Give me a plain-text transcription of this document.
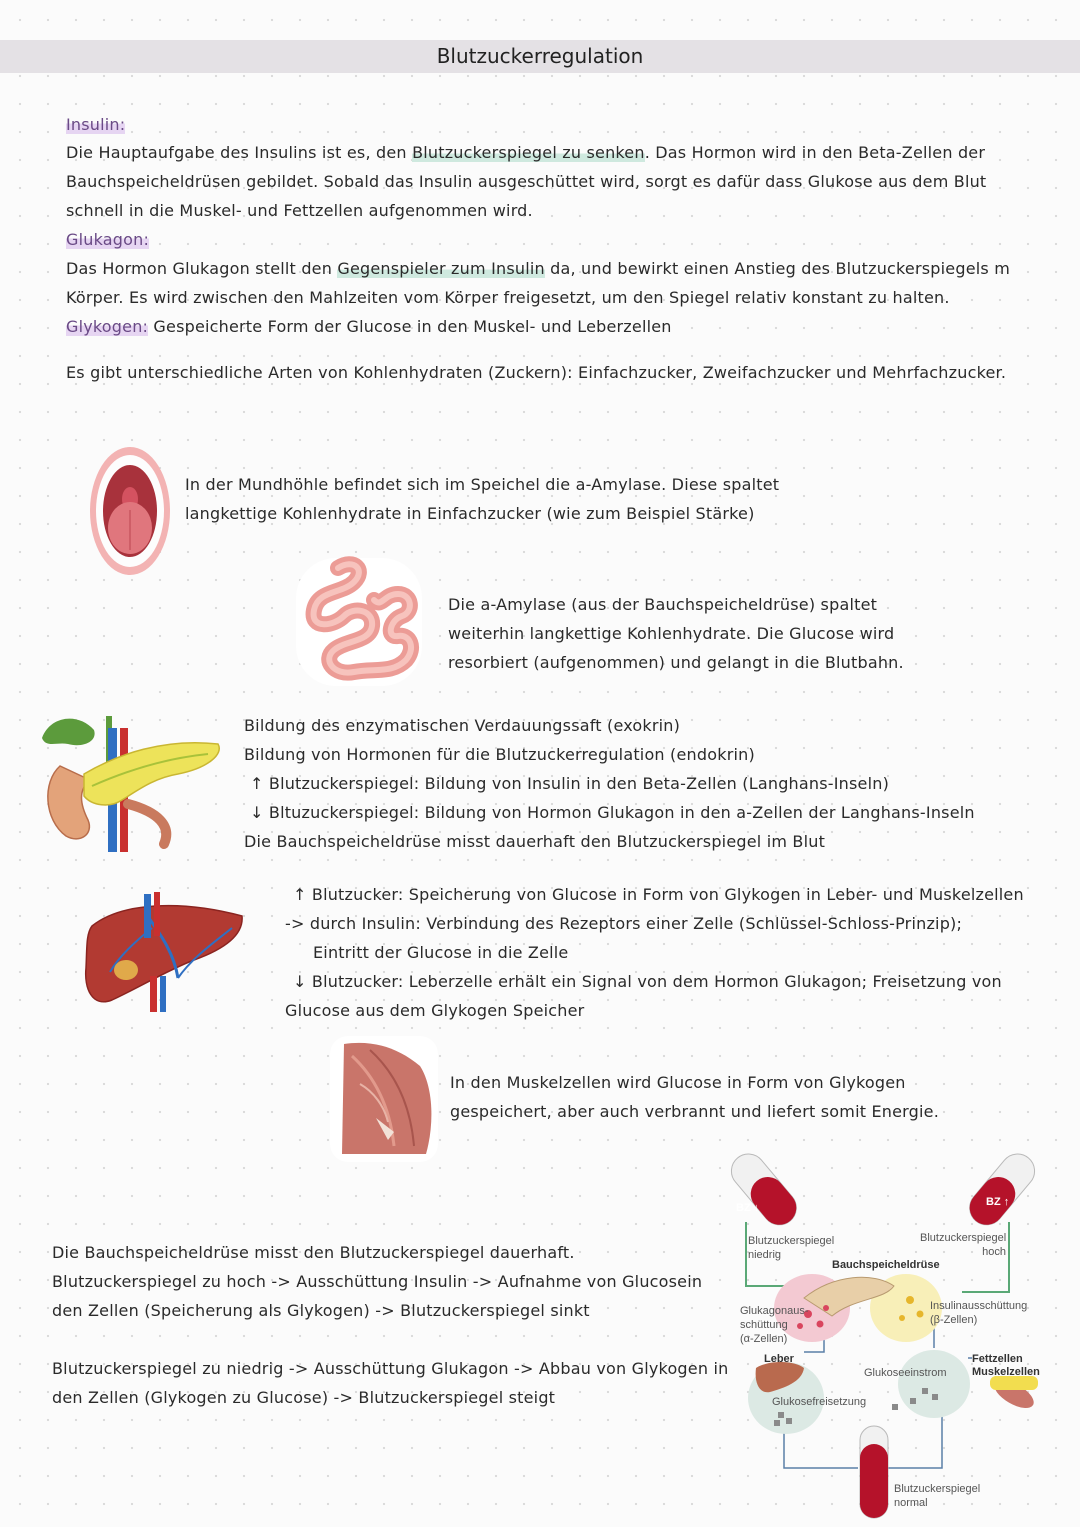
Blutzuckerregulation
Insulin:
Die Hauptaufgabe des Insulins ist es, den Blutzuckerspiegel zu senken. Das Hormon wird in den Beta-Zellen der
Bauchspeicheldrüsen gebildet. Sobald das Insulin ausgeschüttet wird, sorgt es dafür dass Glukose aus dem Blut
schnell in die Muskel- und Fettzellen aufgenommen wird.
Glukagon:
Das Hormon Glukagon stellt den Gegenspieler zum Insulin da, und bewirkt einen Anstieg des Blutzuckerspiegels m
Körper. Es wird zwischen den Mahlzeiten vom Körper freigesetzt, um den Spiegel relativ konstant zu halten.
Glykogen: Gespeicherte Form der Glucose in den Muskel- und Leberzellen
Es gibt unterschiedliche Arten von Kohlenhydraten (Zuckern): Einfachzucker, Zweifachzucker und Mehrfachzucker.
In der Mundhöhle befindet sich im Speichel die a-Amylase. Diese spaltet
langkettige Kohlenhydrate in Einfachzucker (wie zum Beispiel Stärke)
Die a-Amylase (aus der Bauchspeicheldrüse) spaltet
weiterhin langkettige Kohlenhydrate. Die Glucose wird
resorbiert (aufgenommen) und gelangt in die Blutbahn.
Bildung des enzymatischen Verdauungssaft (exokrin)
Bildung von Hormonen für die Blutzuckerregulation (endokrin)
↑ Blutzuckerspiegel: Bildung von Insulin in den Beta-Zellen (Langhans-Inseln)
↓ Bltuzuckerspiegel: Bildung von Hormon Glukagon in den a-Zellen der Langhans-Inseln
Die Bauchspeicheldrüse misst dauerhaft den Blutzuckerspiegel im Blut
↑ Blutzucker: Speicherung von Glucose in Form von Glykogen in Leber- und Muskelzellen
-> durch Insulin: Verbindung des Rezeptors einer Zelle (Schlüssel-Schloss-Prinzip);
Eintritt der Glucose in die Zelle
↓ Blutzucker: Leberzelle erhält ein Signal von dem Hormon Glukagon; Freisetzung von
Glucose aus dem Glykogen Speicher
In den Muskelzellen wird Glucose in Form von Glykogen
gespeichert, aber auch verbrannt und liefert somit Energie.
Die Bauchspeicheldrüse misst den Blutzuckerspiegel dauerhaft.
Blutzuckerspiegel zu hoch -> Ausschüttung Insulin -> Aufnahme von Glucosein
den Zellen (Speicherung als Glykogen) -> Blutzuckerspiegel sinkt
Blutzuckerspiegel zu niedrig -> Ausschüttung Glukagon -> Abbau von Glykogen in
den Zellen (Glykogen zu Glucose) -> Blutzuckerspiegel steigt
BZ ↓	BZ ↑
Blutzuckerspiegel
niedrig
Blutzuckerspiegel
hoch
Bauchspeicheldrüse
Glukagonaus-
schüttung
(α-Zellen)
Insulinausschüttung
(β-Zellen)
Leber
Glukoseeinstrom
Fettzellen
Muskelzellen
Glukosefreisetzung
Blutzuckerspiegel
normal
